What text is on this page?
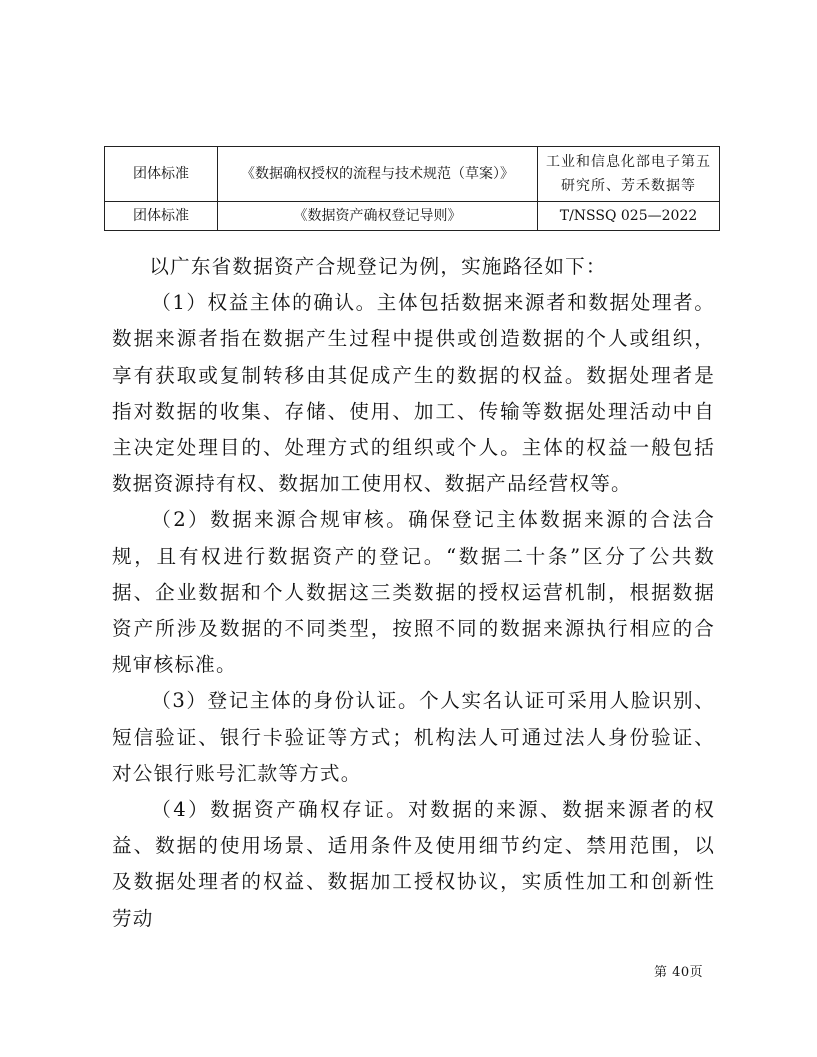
团体标准	《数据确权授权的流程与技术规范（草案）》	工业和信息化部电子第五研究所、芳禾数据等
团体标准	《数据资产确权登记导则》	T/NSSQ 025—2022

以广东省数据资产合规登记为例，实施路径如下：

（1）权益主体的确认。主体包括数据来源者和数据处理者。数据来源者指在数据产生过程中提供或创造数据的个人或组织，享有获取或复制转移由其促成产生的数据的权益。数据处理者是指对数据的收集、存储、使用、加工、传输等数据处理活动中自主决定处理目的、处理方式的组织或个人。主体的权益一般包括数据资源持有权、数据加工使用权、数据产品经营权等。

（2）数据来源合规审核。确保登记主体数据来源的合法合规，且有权进行数据资产的登记。“数据二十条”区分了公共数据、企业数据和个人数据这三类数据的授权运营机制，根据数据资产所涉及数据的不同类型，按照不同的数据来源执行相应的合规审核标准。

（3）登记主体的身份认证。个人实名认证可采用人脸识别、短信验证、银行卡验证等方式；机构法人可通过法人身份验证、对公银行账号汇款等方式。

（4）数据资产确权存证。对数据的来源、数据来源者的权益、数据的使用场景、适用条件及使用细节约定、禁用范围，以及数据处理者的权益、数据加工授权协议，实质性加工和创新性劳动

第 40页
